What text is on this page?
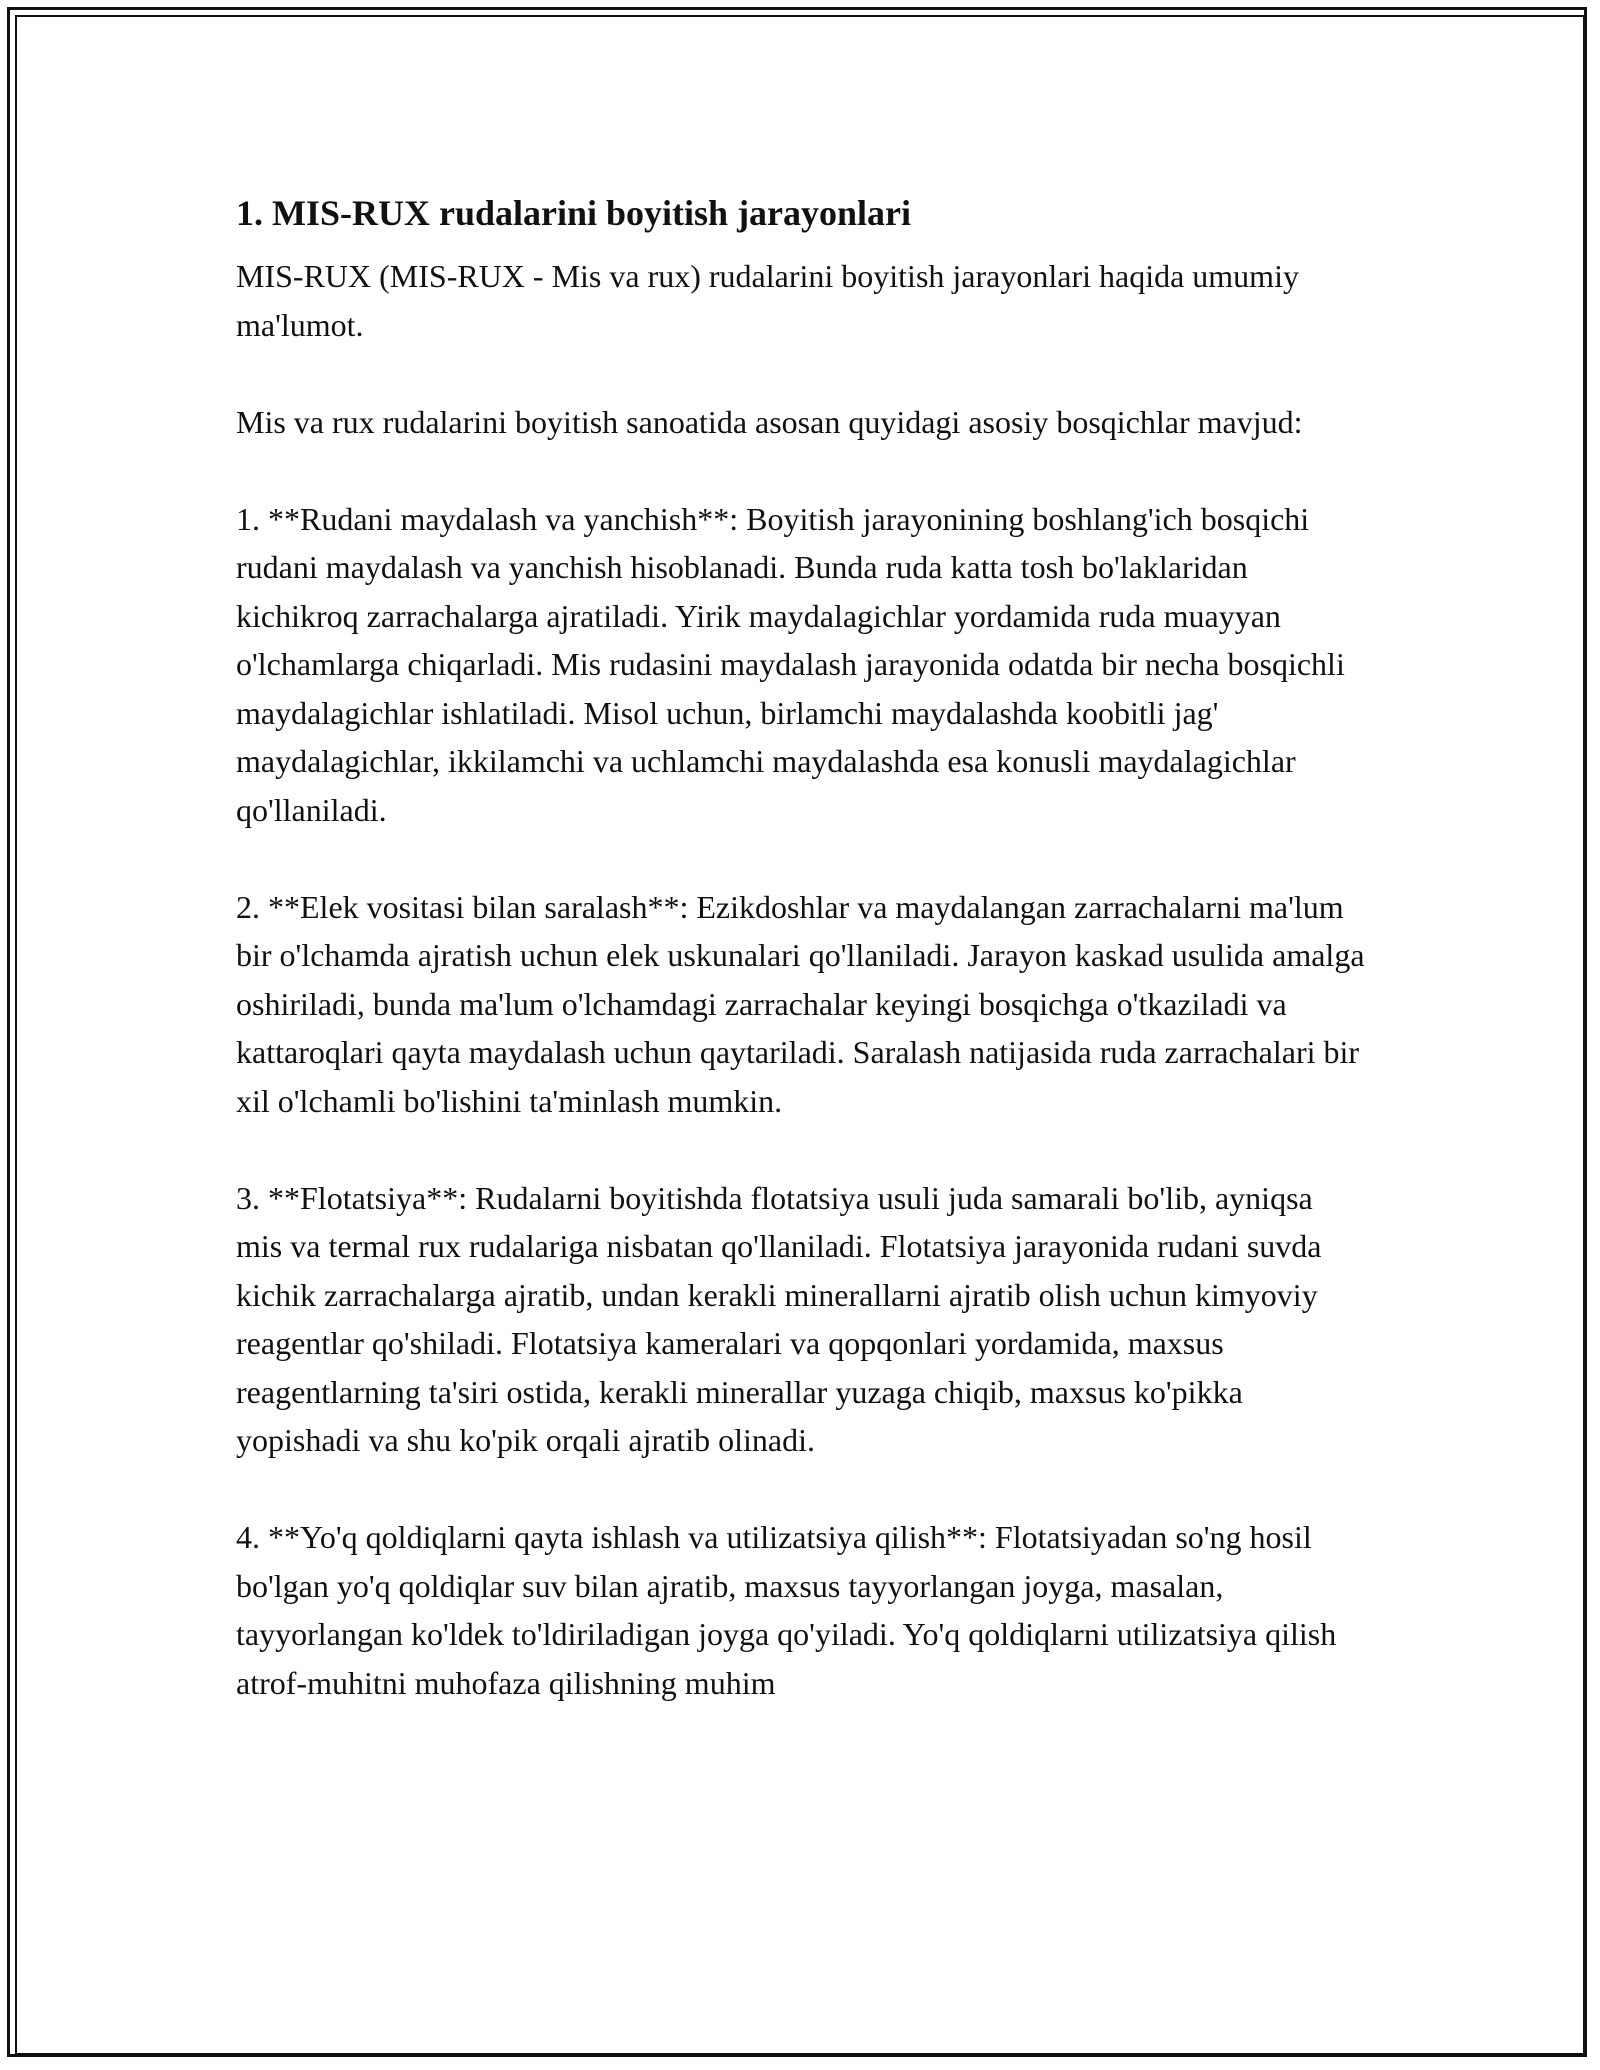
1. MIS-RUX rudalarini boyitish jarayonlari

MIS-RUX (MIS-RUX - Mis va rux) rudalarini boyitish jarayonlari haqida umumiy ma'lumot.

Mis va rux rudalarini boyitish sanoatida asosan quyidagi asosiy bosqichlar mavjud:

1. **Rudani maydalash va yanchish**: Boyitish jarayonining boshlang'ich bosqichi rudani maydalash va yanchish hisoblanadi. Bunda ruda katta tosh bo'laklaridan kichikroq zarrachalarga ajratiladi. Yirik maydalagichlar yordamida ruda muayyan o'lchamlarga chiqarladi. Mis rudasini maydalash jarayonida odatda bir necha bosqichli maydalagichlar ishlatiladi. Misol uchun, birlamchi maydalashda koobitli jag' maydalagichlar, ikkilamchi va uchlamchi maydalashda esa konusli maydalagichlar qo'llaniladi.

2. **Elek vositasi bilan saralash**: Ezikdoshlar va maydalangan zarrachalarni ma'lum bir o'lchamda ajratish uchun elek uskunalari qo'llaniladi. Jarayon kaskad usulida amalga oshiriladi, bunda ma'lum o'lchamdagi zarrachalar keyingi bosqichga o'tkaziladi va kattaroqlari qayta maydalash uchun qaytariladi. Saralash natijasida ruda zarrachalari bir xil o'lchamli bo'lishini ta'minlash mumkin.

3. **Flotatsiya**: Rudalarni boyitishda flotatsiya usuli juda samarali bo'lib, ayniqsa mis va termal rux rudalariga nisbatan qo'llaniladi. Flotatsiya jarayonida rudani suvda kichik zarrachalarga ajratib, undan kerakli minerallarni ajratib olish uchun kimyoviy reagentlar qo'shiladi. Flotatsiya kameralari va qopqonlari yordamida, maxsus reagentlarning ta'siri ostida, kerakli minerallar yuzaga chiqib, maxsus ko'pikka yopishadi va shu ko'pik orqali ajratib olinadi.

4. **Yo'q qoldiqlarni qayta ishlash va utilizatsiya qilish**: Flotatsiyadan so'ng hosil bo'lgan yo'q qoldiqlar suv bilan ajratib, maxsus tayyorlangan joyga, masalan, tayyorlangan ko'ldek to'ldiriladigan joyga qo'yiladi. Yo'q qoldiqlarni utilizatsiya qilish atrof-muhitni muhofaza qilishning muhim
